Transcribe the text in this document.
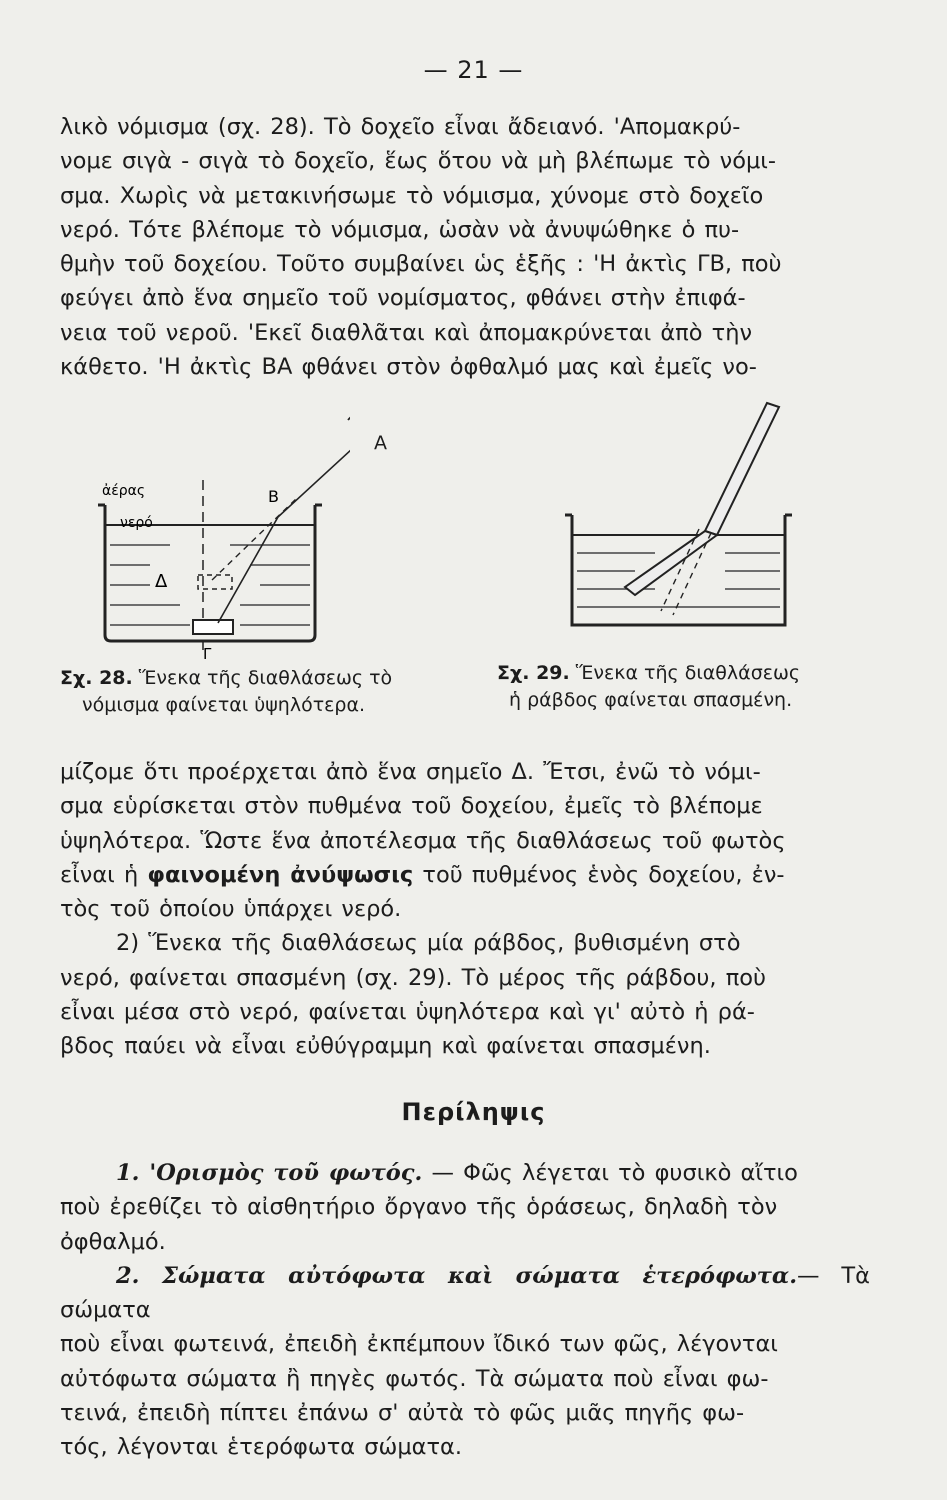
— 21 —

λικὸ νόμισμα (σχ. 28). Τὸ δοχεῖο εἶναι ἄδειανό. 'Απομακρύ-

νομε σιγὰ - σιγὰ τὸ δοχεῖο, ἕως ὅτου νὰ μὴ βλέπωμε τὸ νόμι-

σμα. Χωρὶς νὰ μετακινήσωμε τὸ νόμισμα, χύνομε στὸ δοχεῖο

νερό. Τότε βλέπομε τὸ νόμισμα, ὡσὰν νὰ ἀνυψώθηκε ὁ πυ-

θμὴν τοῦ δοχείου. Τοῦτο συμβαίνει ὡς ἑξῆς : 'Η ἀκτὶς ΓΒ, ποὺ

φεύγει ἀπὸ ἕνα σημεῖο τοῦ νομίσματος, φθάνει στὴν ἐπιφά-

νεια τοῦ νεροῦ. 'Εκεῖ διαθλᾶται καὶ ἀπομακρύνεται ἀπὸ τὴν

κάθετο. 'Η ἀκτὶς ΒΑ φθάνει στὸν ὀφθαλμό μας καὶ ἐμεῖς νο-

ἀέρας
νερό
Β
Δ
Γ
Α
Σχ. 28. Ἕνεκα τῆς διαθλάσεως τὸ
νόμισμα φαίνεται ὑψηλότερα.
Σχ. 29. Ἕνεκα τῆς διαθλάσεως
ἡ ράβδος φαίνεται σπασμένη.

μίζομε ὅτι προέρχεται ἀπὸ ἕνα σημεῖο Δ. Ἔτσι, ἐνῶ τὸ νόμι-

σμα εὑρίσκεται στὸν πυθμένα τοῦ δοχείου, ἐμεῖς τὸ βλέπομε

ὑψηλότερα. Ὥστε ἕνα ἀποτέλεσμα τῆς διαθλάσεως τοῦ φωτὸς

εἶναι ἡ φαινομένη ἀνύψωσις τοῦ πυθμένος ἑνὸς δοχείου, ἐν-

τὸς τοῦ ὁποίου ὑπάρχει νερό.

2) Ἕνεκα τῆς διαθλάσεως μία ράβδος, βυθισμένη στὸ

νερό, φαίνεται σπασμένη (σχ. 29). Τὸ μέρος τῆς ράβδου, ποὺ

εἶναι μέσα στὸ νερό, φαίνεται ὑψηλότερα καὶ γι' αὐτὸ ἡ ρά-

βδος παύει νὰ εἶναι εὐθύγραμμη καὶ φαίνεται σπασμένη.

Περίληψις

1. 'Ορισμὸς τοῦ φωτός. — Φῶς λέγεται τὸ φυσικὸ αἴτιο

ποὺ ἐρεθίζει τὸ αἰσθητήριο ὄργανο τῆς ὁράσεως, δηλαδὴ τὸν

ὀφθαλμό.

2. Σώματα αὐτόφωτα καὶ σώματα ἑτερόφωτα.— Τὰ σώματα

ποὺ εἶναι φωτεινά, ἐπειδὴ ἐκπέμπουν ἴδικό των φῶς, λέγονται

αὐτόφωτα σώματα ἢ πηγὲς φωτός. Τὰ σώματα ποὺ εἶναι φω-

τεινά, ἐπειδὴ πίπτει ἐπάνω σ' αὐτὰ τὸ φῶς μιᾶς πηγῆς φω-

τός, λέγονται ἑτερόφωτα σώματα.
